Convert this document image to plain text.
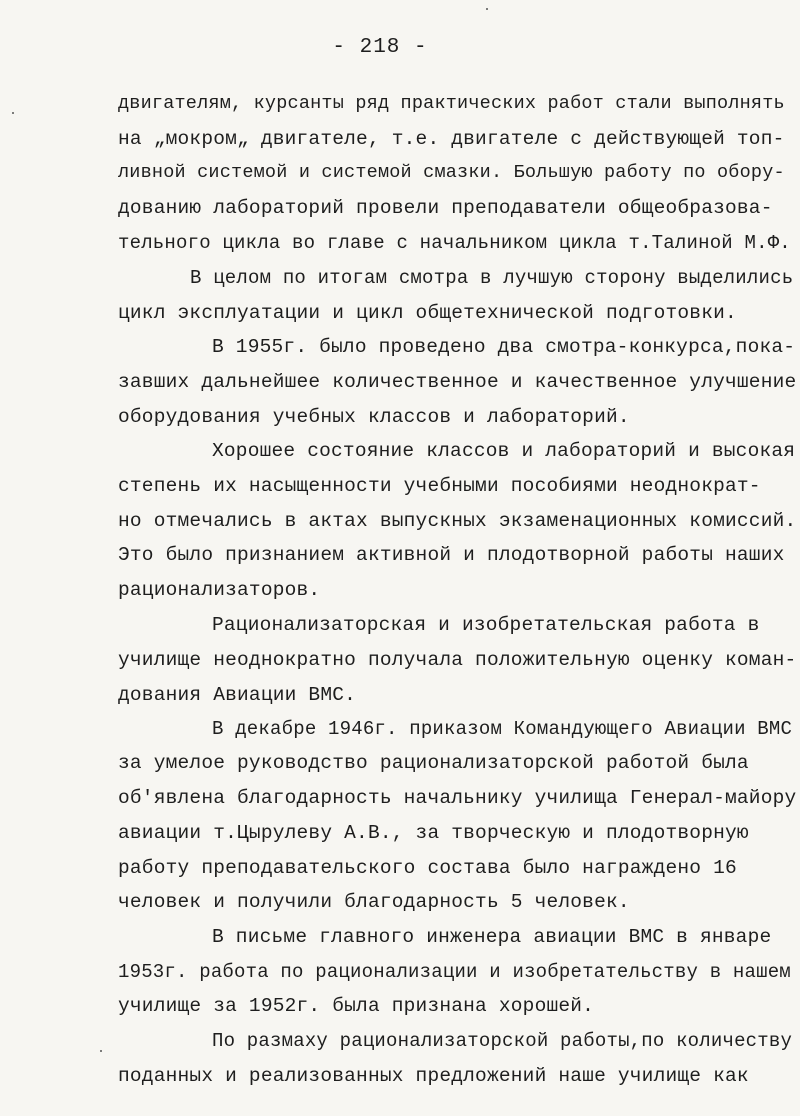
- 218 -
двигателям, курсанты ряд практических работ стали выполнять
на „мокром„ двигателе, т.е. двигателе с действующей топ-
ливной системой и системой смазки. Большую работу по обору-
дованию лабораторий провели преподаватели общеобразова-
тельного цикла во главе с начальником цикла т.Талиной М.Ф.
В целом по итогам смотра в лучшую сторону выделились
цикл эксплуатации и цикл общетехнической подготовки.
В 1955г. было проведено два смотра-конкурса,пока-
завших дальнейшее количественное и качественное улучшение
оборудования учебных классов и лабораторий.
Хорошее состояние классов и лабораторий и высокая
степень их насыщенности учебными пособиями неоднократ-
но отмечались в актах выпускных экзаменационных комиссий.
Это было признанием активной и плодотворной работы наших
рационализаторов.
Рационализаторская и изобретательская работа в
училище неоднократно получала положительную оценку коман-
дования Авиации ВМС.
В декабре 1946г. приказом Командующего Авиации ВМС
за умелое руководство рационализаторской работой была
об'явлена благодарность начальнику училища Генерал-майору
авиации т.Цырулеву А.В., за творческую и плодотворную
работу преподавательского состава было награждено 16
человек и получили благодарность 5 человек.
В письме главного инженера авиации ВМС в январе
1953г. работа по рационализации и изобретательству в нашем
училище за 1952г. была признана хорошей.
По размаху рационализаторской работы,по количеству
поданных и реализованных предложений наше училище как
